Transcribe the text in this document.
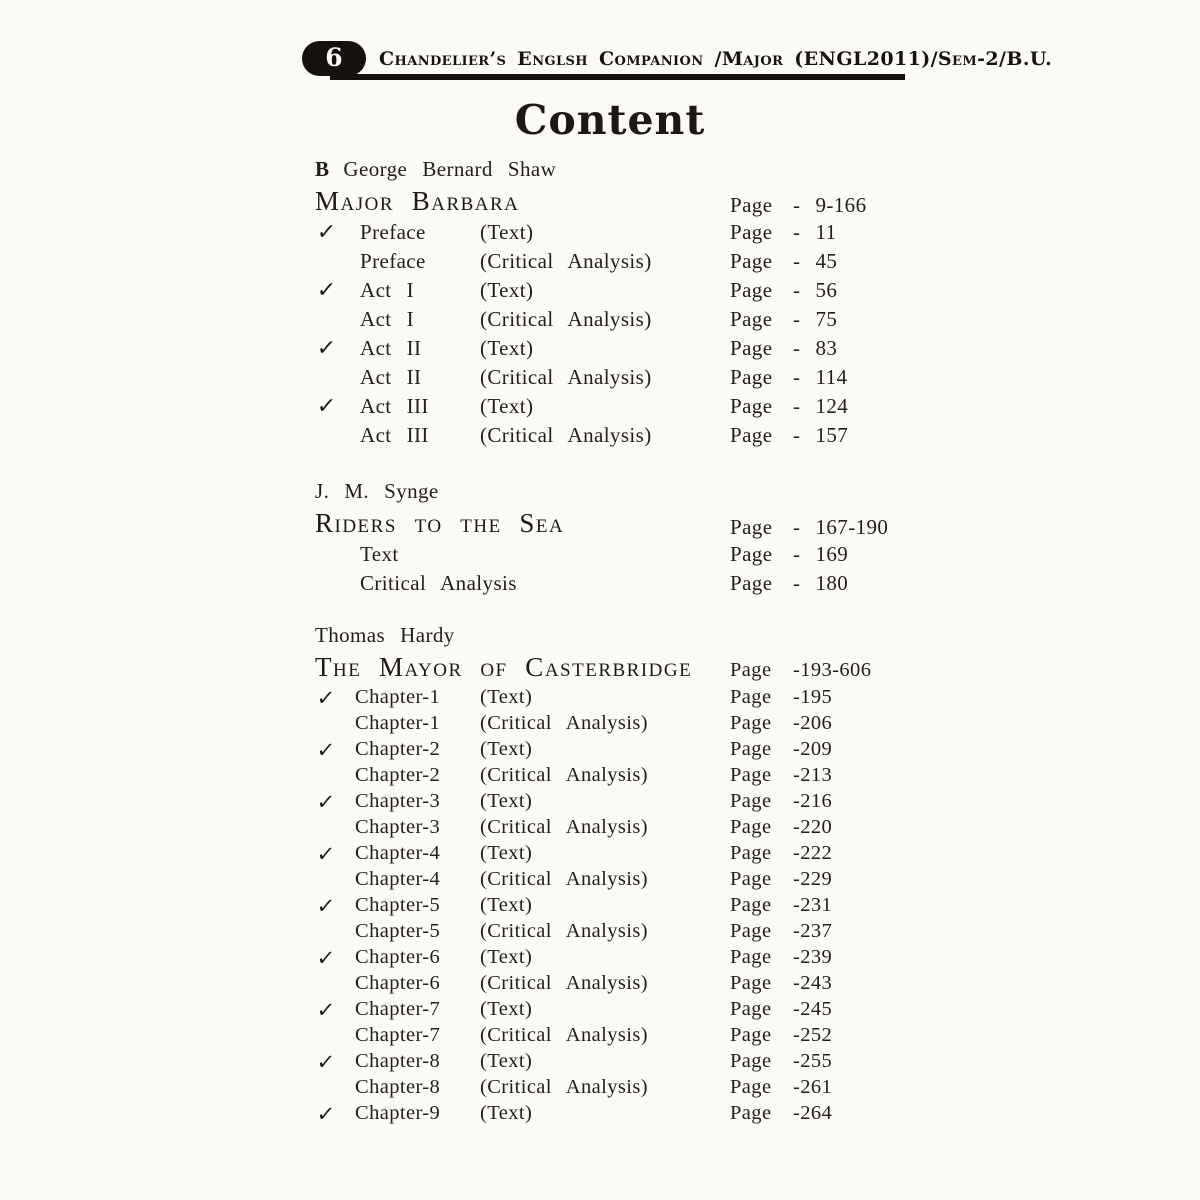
6 Chandelier’s Englsh Companion /Major (ENGL2011)/Sem-2/B.U.
Content
B George Bernard Shaw
Major Barbara	Page - 9-166
✓	Preface	(Text)	Page - 11
Preface	(Critical Analysis)	Page - 45
✓	Act I	(Text)	Page - 56
Act I	(Critical Analysis)	Page - 75
✓	Act II	(Text)	Page - 83
Act II	(Critical Analysis)	Page - 114
✓	Act III (Text)	Page - 124
Act III (Critical Analysis)	Page - 157
J. M. Synge
Riders to the Sea	Page - 167-190
Text	Page - 169
Critical Analysis	Page - 180
Thomas Hardy
The Mayor of Casterbridge Page	-193-606
✓ Chapter-1 (Text)	Page	-195
Chapter-1 (Critical Analysis)	Page	-206
✓ Chapter-2 (Text)	Page	-209
Chapter-2 (Critical Analysis)	Page	-213
✓ Chapter-3 (Text)	Page	-216
Chapter-3 (Critical Analysis)	Page	-220
✓ Chapter-4 (Text)	Page	-222
Chapter-4 (Critical Analysis)	Page	-229
✓ Chapter-5 (Text)	Page	-231
Chapter-5 (Critical Analysis)	Page	-237
✓ Chapter-6 (Text)	Page	-239
Chapter-6 (Critical Analysis)	Page	-243
✓ Chapter-7 (Text)	Page	-245
Chapter-7 (Critical Analysis)	Page	-252
✓ Chapter-8 (Text)	Page	-255
Chapter-8 (Critical Analysis)	Page	-261
✓ Chapter-9 (Text)	Page	-264
